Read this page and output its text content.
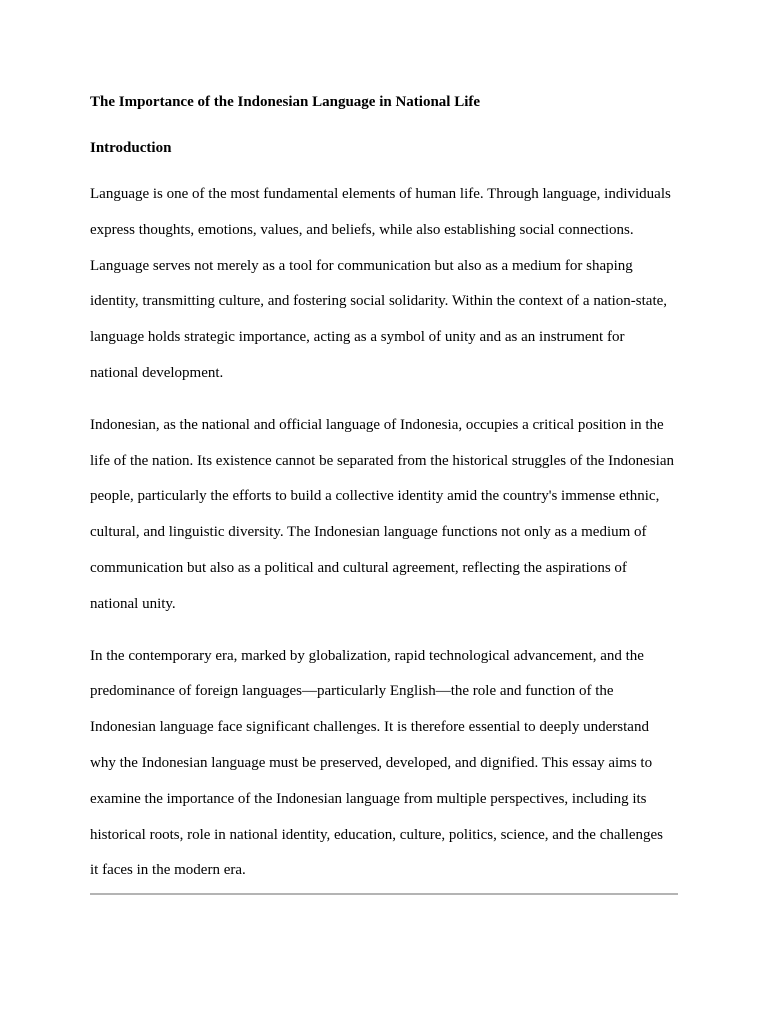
The Importance of the Indonesian Language in National Life
Introduction

Language is one of the most fundamental elements of human life. Through language, individuals
express thoughts, emotions, values, and beliefs, while also establishing social connections.
Language serves not merely as a tool for communication but also as a medium for shaping
identity, transmitting culture, and fostering social solidarity. Within the context of a nation-state,
language holds strategic importance, acting as a symbol of unity and as an instrument for
national development.

Indonesian, as the national and official language of Indonesia, occupies a critical position in the
life of the nation. Its existence cannot be separated from the historical struggles of the Indonesian
people, particularly the efforts to build a collective identity amid the country's immense ethnic,
cultural, and linguistic diversity. The Indonesian language functions not only as a medium of
communication but also as a political and cultural agreement, reflecting the aspirations of
national unity.

In the contemporary era, marked by globalization, rapid technological advancement, and the
predominance of foreign languages—particularly English—the role and function of the
Indonesian language face significant challenges. It is therefore essential to deeply understand
why the Indonesian language must be preserved, developed, and dignified. This essay aims to
examine the importance of the Indonesian language from multiple perspectives, including its
historical roots, role in national identity, education, culture, politics, science, and the challenges
it faces in the modern era.
